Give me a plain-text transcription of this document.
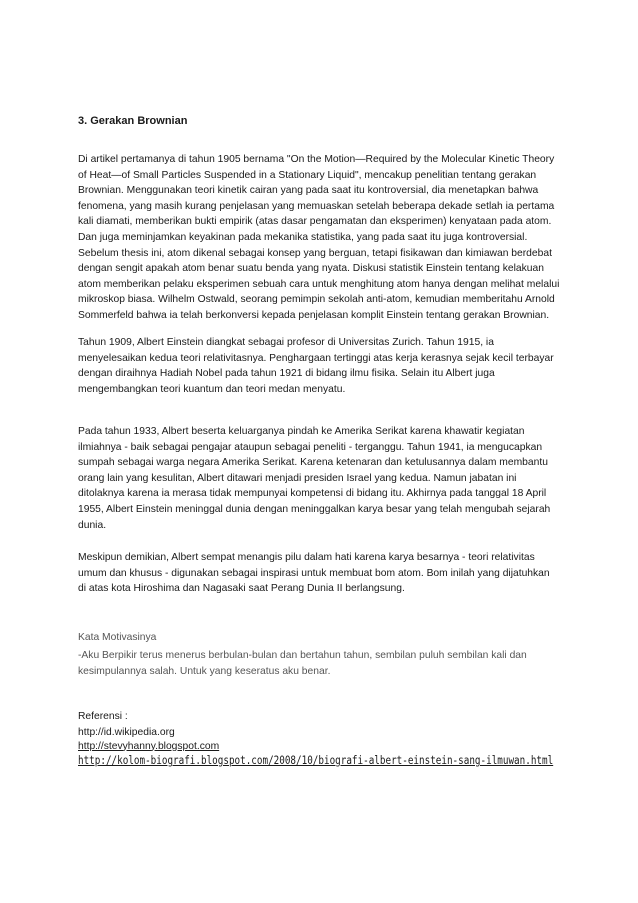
3. Gerakan Brownian

Di artikel pertamanya di tahun 1905 bernama "On the Motion—Required by the Molecular Kinetic Theory
of Heat—of Small Particles Suspended in a Stationary Liquid", mencakup penelitian tentang gerakan
Brownian. Menggunakan teori kinetik cairan yang pada saat itu kontroversial, dia menetapkan bahwa
fenomena, yang masih kurang penjelasan yang memuaskan setelah beberapa dekade setlah ia pertama
kali diamati, memberikan bukti empirik (atas dasar pengamatan dan eksperimen) kenyataan pada atom.
Dan juga meminjamkan keyakinan pada mekanika statistika, yang pada saat itu juga kontroversial.
Sebelum thesis ini, atom dikenal sebagai konsep yang berguan, tetapi fisikawan dan kimiawan berdebat
dengan sengit apakah atom benar suatu benda yang nyata. Diskusi statistik Einstein tentang kelakuan
atom memberikan pelaku eksperimen sebuah cara untuk menghitung atom hanya dengan melihat melalui
mikroskop biasa. Wilhelm Ostwald, seorang pemimpin sekolah anti-atom, kemudian memberitahu Arnold
Sommerfeld bahwa ia telah berkonversi kepada penjelasan komplit Einstein tentang gerakan Brownian.

Tahun 1909, Albert Einstein diangkat sebagai profesor di Universitas Zurich. Tahun 1915, ia
menyelesaikan kedua teori relativitasnya. Penghargaan tertinggi atas kerja kerasnya sejak kecil terbayar
dengan diraihnya Hadiah Nobel pada tahun 1921 di bidang ilmu fisika. Selain itu Albert juga
mengembangkan teori kuantum dan teori medan menyatu.

Pada tahun 1933, Albert beserta keluarganya pindah ke Amerika Serikat karena khawatir kegiatan
ilmiahnya - baik sebagai pengajar ataupun sebagai peneliti - terganggu. Tahun 1941, ia mengucapkan
sumpah sebagai warga negara Amerika Serikat. Karena ketenaran dan ketulusannya dalam membantu
orang lain yang kesulitan, Albert ditawari menjadi presiden Israel yang kedua. Namun jabatan ini
ditolaknya karena ia merasa tidak mempunyai kompetensi di bidang itu. Akhirnya pada tanggal 18 April
1955, Albert Einstein meninggal dunia dengan meninggalkan karya besar yang telah mengubah sejarah
dunia.

Meskipun demikian, Albert sempat menangis pilu dalam hati karena karya besarnya - teori relativitas
umum dan khusus - digunakan sebagai inspirasi untuk membuat bom atom. Bom inilah yang dijatuhkan
di atas kota Hiroshima dan Nagasaki saat Perang Dunia II berlangsung.

Kata Motivasinya

-Aku Berpikir terus menerus berbulan-bulan dan bertahun tahun, sembilan puluh sembilan kali dan
kesimpulannya salah. Untuk yang keseratus aku benar.

Referensi :
http://id.wikipedia.org
http://stevyhanny.blogspot.com
http://kolom-biografi.blogspot.com/2008/10/biografi-albert-einstein-sang-ilmuwan.html
